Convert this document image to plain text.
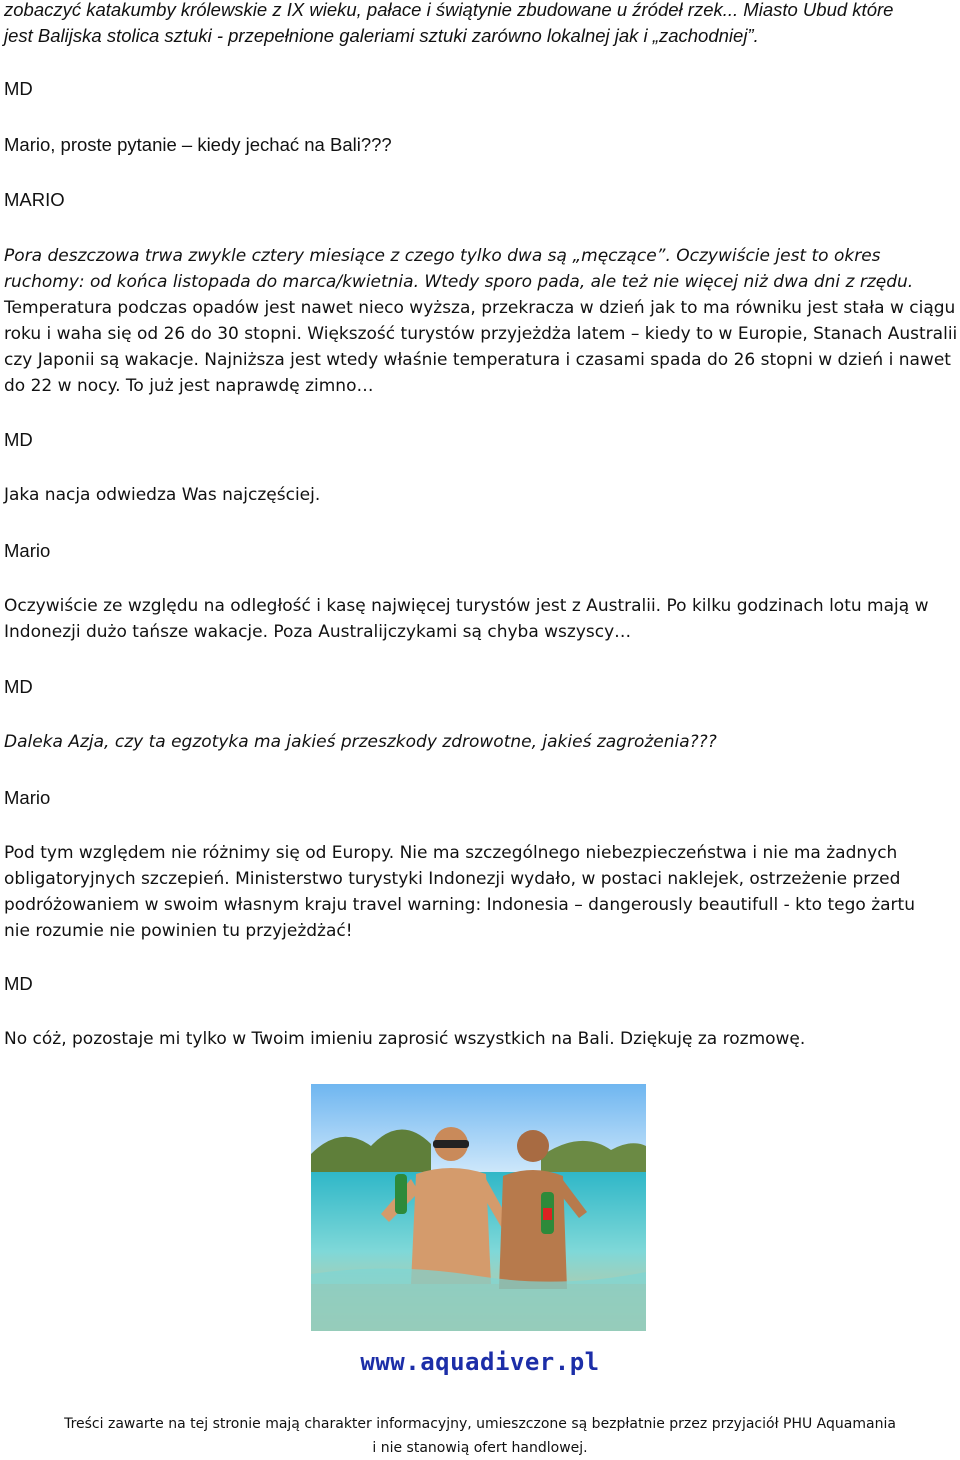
zobaczyć katakumby królewskie z IX wieku, pałace i świątynie zbudowane u źródeł rzek... Miasto Ubud które
jest Balijska stolica sztuki - przepełnione galeriami sztuki zarówno lokalnej jak i „zachodniej”.
MD
Mario, proste pytanie – kiedy jechać na Bali???
MARIO
Pora deszczowa trwa zwykle cztery miesiące z czego tylko dwa są „męczące”. Oczywiście jest to okres
ruchomy: od końca listopada do marca/kwietnia. Wtedy sporo pada, ale też nie więcej niż dwa dni z rzędu.
Temperatura podczas opadów jest nawet nieco wyższa, przekracza w dzień jak to ma równiku jest stała w ciągu
roku i waha się od 26 do 30 stopni. Większość turystów przyjeżdża latem – kiedy to w Europie, Stanach Australii
czy Japonii są wakacje. Najniższa jest wtedy właśnie temperatura i czasami spada do 26 stopni w dzień i nawet
do 22 w nocy. To już jest naprawdę zimno…
MD
Jaka nacja odwiedza Was najczęściej.
Mario
Oczywiście ze względu na odległość i kasę najwięcej turystów jest z Australii. Po kilku godzinach lotu mają w
Indonezji dużo tańsze wakacje. Poza Australijczykami są chyba wszyscy…
MD
Daleka Azja, czy ta egzotyka ma jakieś przeszkody zdrowotne, jakieś zagrożenia???
Mario
Pod tym względem nie różnimy się od Europy. Nie ma szczególnego niebezpieczeństwa i nie ma żadnych
obligatoryjnych szczepień. Ministerstwo turystyki Indonezji wydało, w postaci naklejek, ostrzeżenie przed
podróżowaniem w swoim własnym kraju travel warning: Indonesia – dangerously beautifull - kto tego żartu
nie rozumie nie powinien tu przyjeżdżać!
MD
No cóż, pozostaje mi tylko w Twoim imieniu zaprosić wszystkich na Bali. Dziękuję za rozmowę.
www.aquadiver.pl
Treści zawarte na tej stronie mają charakter informacyjny, umieszczone są bezpłatnie przez przyjaciół PHU Aquamania
i nie stanowią ofert handlowej.
